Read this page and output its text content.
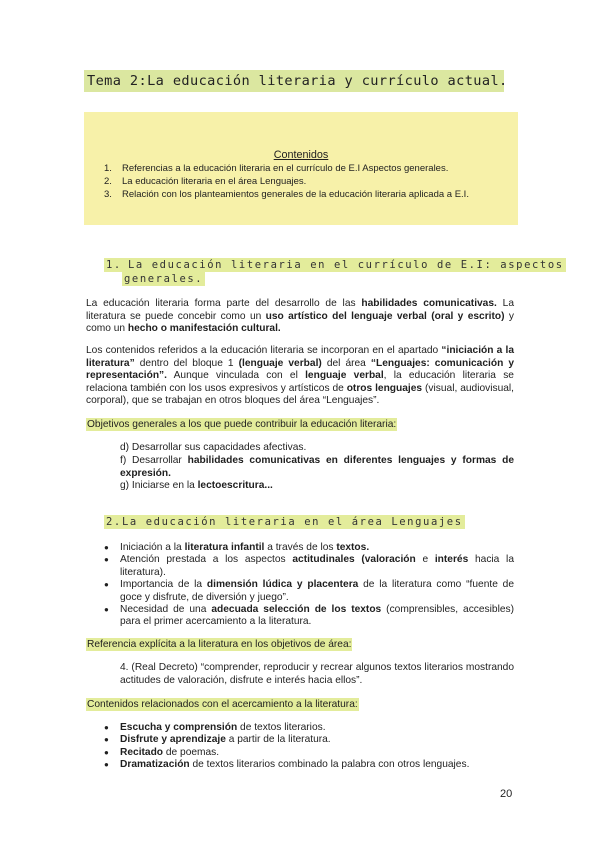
Tema 2:La educación literaria y currículo actual.
Contenidos
1.	Referencias a la educación literaria en el currículo de E.I Aspectos generales.
2.	La educación literaria en el área Lenguajes.
3.	Relación con los planteamientos generales de la educación literaria aplicada a E.I.
1. La educación literaria en el currículo de E.I: aspectos
generales.

La educación literaria forma parte del desarrollo de las habilidades comunicativas. La literatura se puede concebir como un uso artístico del lenguaje verbal (oral y escrito) y como un hecho o manifestación cultural.

Los contenidos referidos a la educación literaria se incorporan en el apartado “iniciación a la literatura” dentro del bloque 1 (lenguaje verbal) del área “Lenguajes: comunicación y representación”. Aunque vinculada con el lenguaje verbal, la educación literaria se relaciona también con los usos expresivos y artísticos de otros lenguajes (visual, audiovisual, corporal), que se trabajan en otros bloques del área “Lenguajes”.

Objetivos generales a los que puede contribuir la educación literaria:

d) Desarrollar sus capacidades afectivas.

f) Desarrollar habilidades comunicativas en diferentes lenguajes y formas de expresión.

g) Iniciarse en la lectoescritura...

2.La educación literaria en el área Lenguajes
● Iniciación a la literatura infantil a través de los textos.
● Atención prestada a los aspectos actitudinales (valoración e interés hacia la literatura).
● Importancia de la dimensión lúdica y placentera de la literatura como “fuente de goce y disfrute, de diversión y juego”.
● Necesidad de una adecuada selección de los textos (comprensibles, accesibles) para el primer acercamiento a la literatura.
Referencia explícita a la literatura en los objetivos de área:

4. (Real Decreto) “comprender, reproducir y recrear algunos textos literarios mostrando actitudes de valoración, disfrute e interés hacia ellos”.

Contenidos relacionados con el acercamiento a la literatura:
● Escucha y comprensión de textos literarios.
● Disfrute y aprendizaje a partir de la literatura.
● Recitado de poemas.
● Dramatización de textos literarios combinado la palabra con otros lenguajes.
20
